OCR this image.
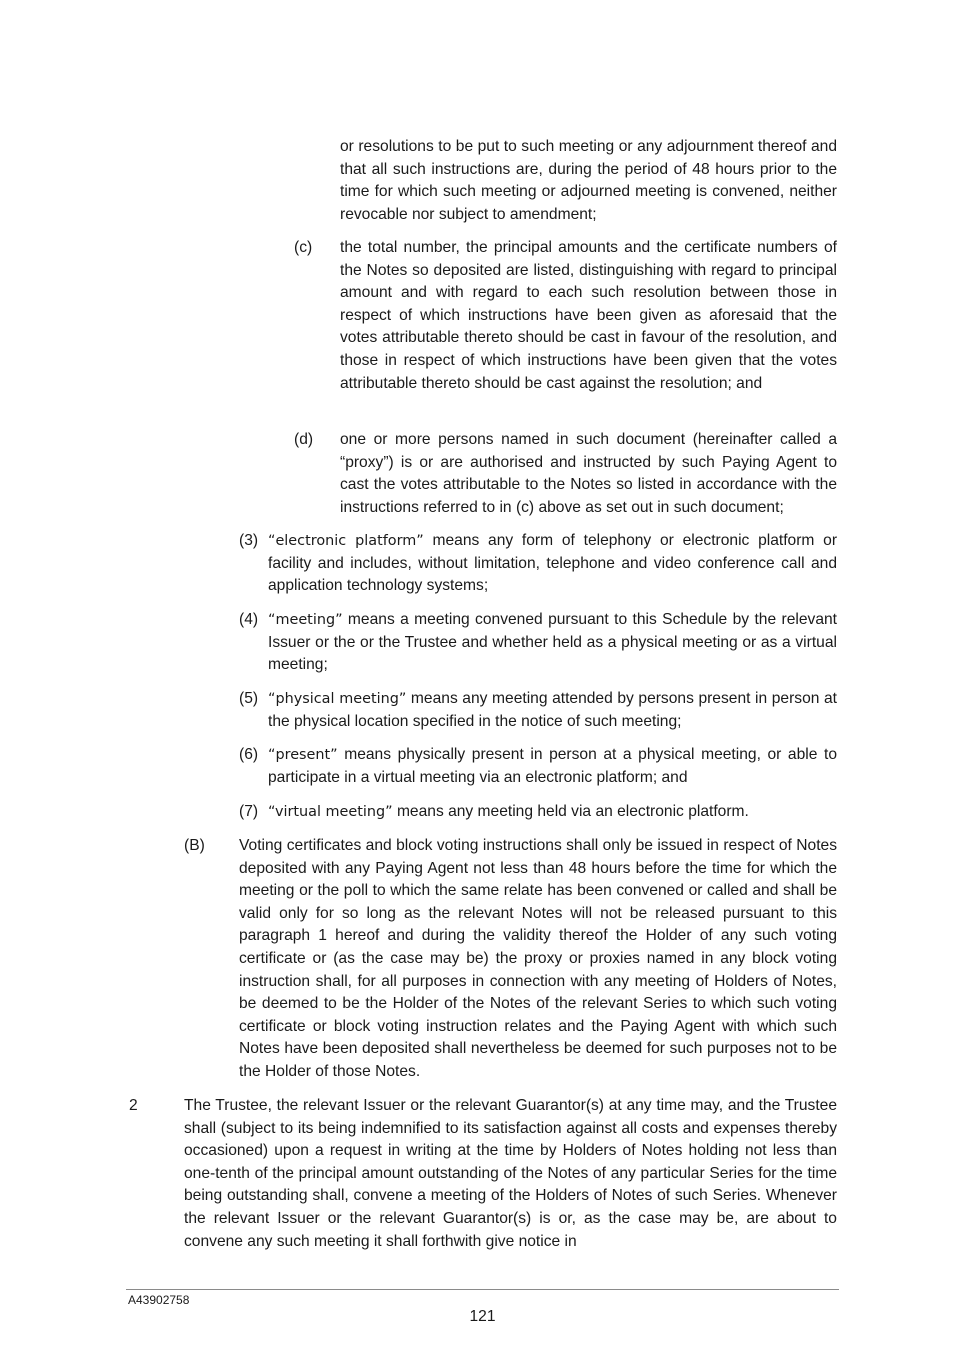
or resolutions to be put to such meeting or any adjournment thereof and that all such instructions are, during the period of 48 hours prior to the time for which such meeting or adjourned meeting is convened, neither revocable nor subject to amendment;

(c) the total number, the principal amounts and the certificate numbers of the Notes so deposited are listed, distinguishing with regard to principal amount and with regard to each such resolution between those in respect of which instructions have been given as aforesaid that the votes attributable thereto should be cast in favour of the resolution, and those in respect of which instructions have been given that the votes attributable thereto should be cast against the resolution; and

(d) one or more persons named in such document (hereinafter called a “proxy”) is or are authorised and instructed by such Paying Agent to cast the votes attributable to the Notes so listed in accordance with the instructions referred to in (c) above as set out in such document;

(3) “electronic platform” means any form of telephony or electronic platform or facility and includes, without limitation, telephone and video conference call and application technology systems;

(4) “meeting” means a meeting convened pursuant to this Schedule by the relevant Issuer or the or the Trustee and whether held as a physical meeting or as a virtual meeting;

(5) “physical meeting” means any meeting attended by persons present in person at the physical location specified in the notice of such meeting;

(6) “present” means physically present in person at a physical meeting, or able to participate in a virtual meeting via an electronic platform; and

(7) “virtual meeting” means any meeting held via an electronic platform.

(B) Voting certificates and block voting instructions shall only be issued in respect of Notes deposited with any Paying Agent not less than 48 hours before the time for which the meeting or the poll to which the same relate has been convened or called and shall be valid only for so long as the relevant Notes will not be released pursuant to this paragraph 1 hereof and during the validity thereof the Holder of any such voting certificate or (as the case may be) the proxy or proxies named in any block voting instruction shall, for all purposes in connection with any meeting of Holders of Notes, be deemed to be the Holder of the Notes of the relevant Series to which such voting certificate or block voting instruction relates and the Paying Agent with which such Notes have been deposited shall nevertheless be deemed for such purposes not to be the Holder of those Notes.

2	The Trustee, the relevant Issuer or the relevant Guarantor(s) at any time may, and the Trustee shall (subject to its being indemnified to its satisfaction against all costs and expenses thereby occasioned) upon a request in writing at the time by Holders of Notes holding not less than one-tenth of the principal amount outstanding of the Notes of any particular Series for the time being outstanding shall, convene a meeting of the Holders of Notes of such Series. Whenever the relevant Issuer or the relevant Guarantor(s) is or, as the case may be, are about to convene any such meeting it shall forthwith give notice in

A43902758
121
